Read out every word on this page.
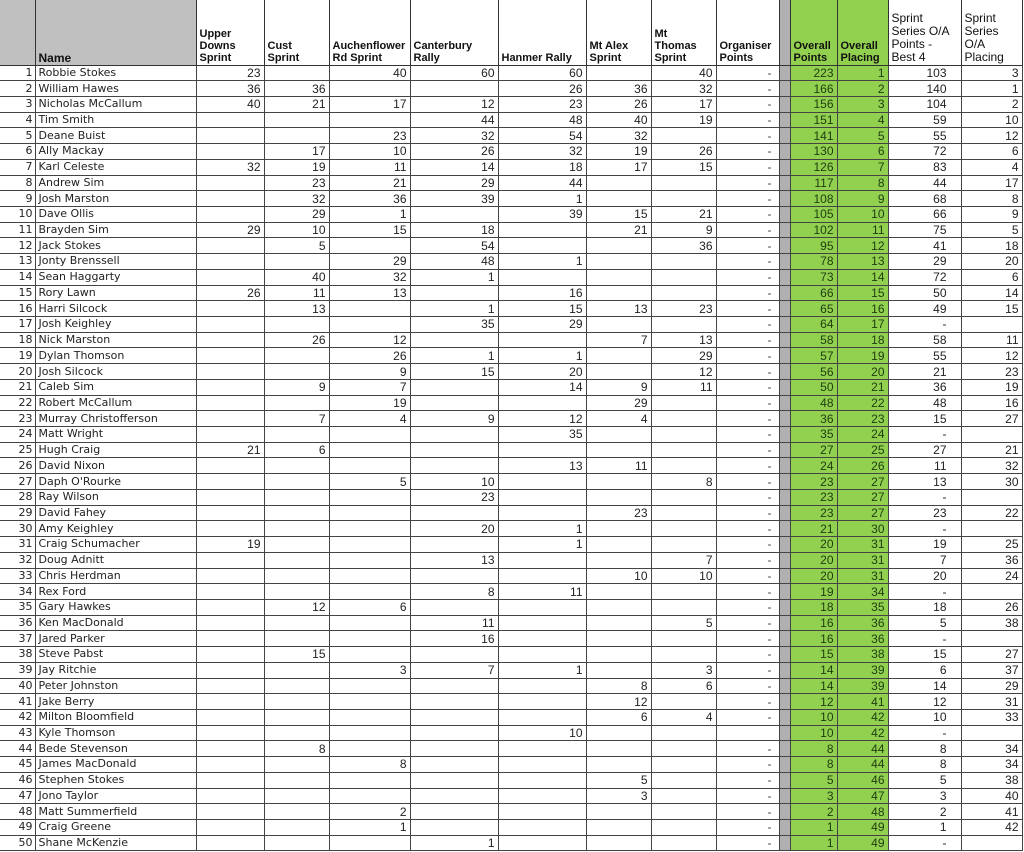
	Name	Upper Downs Sprint	Cust Sprint	Auchenflower Rd Sprint	Canterbury Rally	Hanmer Rally	Mt Alex Sprint	Mt Thomas Sprint	Organiser Points		Overall Points	Overall Placing	Sprint Series O/A Points - Best 4	Sprint Series O/A Placing
1	Robbie Stokes	23		40	60	60		40	-		223	1	103	3
2	William Hawes	36	36			26	36	32	-		166	2	140	1
3	Nicholas McCallum	40	21	17	12	23	26	17	-		156	3	104	2
4	Tim Smith				44	48	40	19	-		151	4	59	10
5	Deane Buist			23	32	54	32		-		141	5	55	12
6	Ally Mackay		17	10	26	32	19	26	-		130	6	72	6
7	Karl Celeste	32	19	11	14	18	17	15	-		126	7	83	4
8	Andrew Sim		23	21	29	44			-		117	8	44	17
9	Josh Marston		32	36	39	1			-		108	9	68	8
10	Dave Ollis		29	1		39	15	21	-		105	10	66	9
11	Brayden Sim	29	10	15	18		21	9	-		102	11	75	5
12	Jack Stokes		5		54			36	-		95	12	41	18
13	Jonty Brenssell			29	48	1			-		78	13	29	20
14	Sean Haggarty		40	32	1				-		73	14	72	6
15	Rory Lawn	26	11	13		16			-		66	15	50	14
16	Harri Silcock		13		1	15	13	23	-		65	16	49	15
17	Josh Keighley				35	29			-		64	17	-	
18	Nick Marston		26	12			7	13	-		58	18	58	11
19	Dylan Thomson			26	1	1		29	-		57	19	55	12
20	Josh Silcock			9	15	20		12	-		56	20	21	23
21	Caleb Sim		9	7		14	9	11	-		50	21	36	19
22	Robert McCallum			19			29		-		48	22	48	16
23	Murray Christofferson		7	4	9	12	4		-		36	23	15	27
24	Matt Wright					35			-		35	24	-	
25	Hugh Craig	21	6						-		27	25	27	21
26	David Nixon					13	11		-		24	26	11	32
27	Daph O'Rourke			5	10			8	-		23	27	13	30
28	Ray Wilson				23				-		23	27	-	
29	David Fahey						23		-		23	27	23	22
30	Amy Keighley				20	1			-		21	30	-	
31	Craig Schumacher	19				1			-		20	31	19	25
32	Doug Adnitt				13			7	-		20	31	7	36
33	Chris Herdman						10	10	-		20	31	20	24
34	Rex Ford				8	11			-		19	34	-	
35	Gary Hawkes		12	6					-		18	35	18	26
36	Ken MacDonald				11			5	-		16	36	5	38
37	Jared Parker				16				-		16	36	-	
38	Steve Pabst		15						-		15	38	15	27
39	Jay Ritchie			3	7	1		3	-		14	39	6	37
40	Peter Johnston						8	6	-		14	39	14	29
41	Jake Berry						12		-		12	41	12	31
42	Milton Bloomfield						6	4	-		10	42	10	33
43	Kyle Thomson					10					10	42	-	
44	Bede Stevenson		8						-		8	44	8	34
45	James MacDonald			8					-		8	44	8	34
46	Stephen Stokes						5		-		5	46	5	38
47	Jono Taylor						3		-		3	47	3	40
48	Matt Summerfield			2					-		2	48	2	41
49	Craig Greene			1					-		1	49	1	42
50	Shane McKenzie				1				-		1	49	-	
